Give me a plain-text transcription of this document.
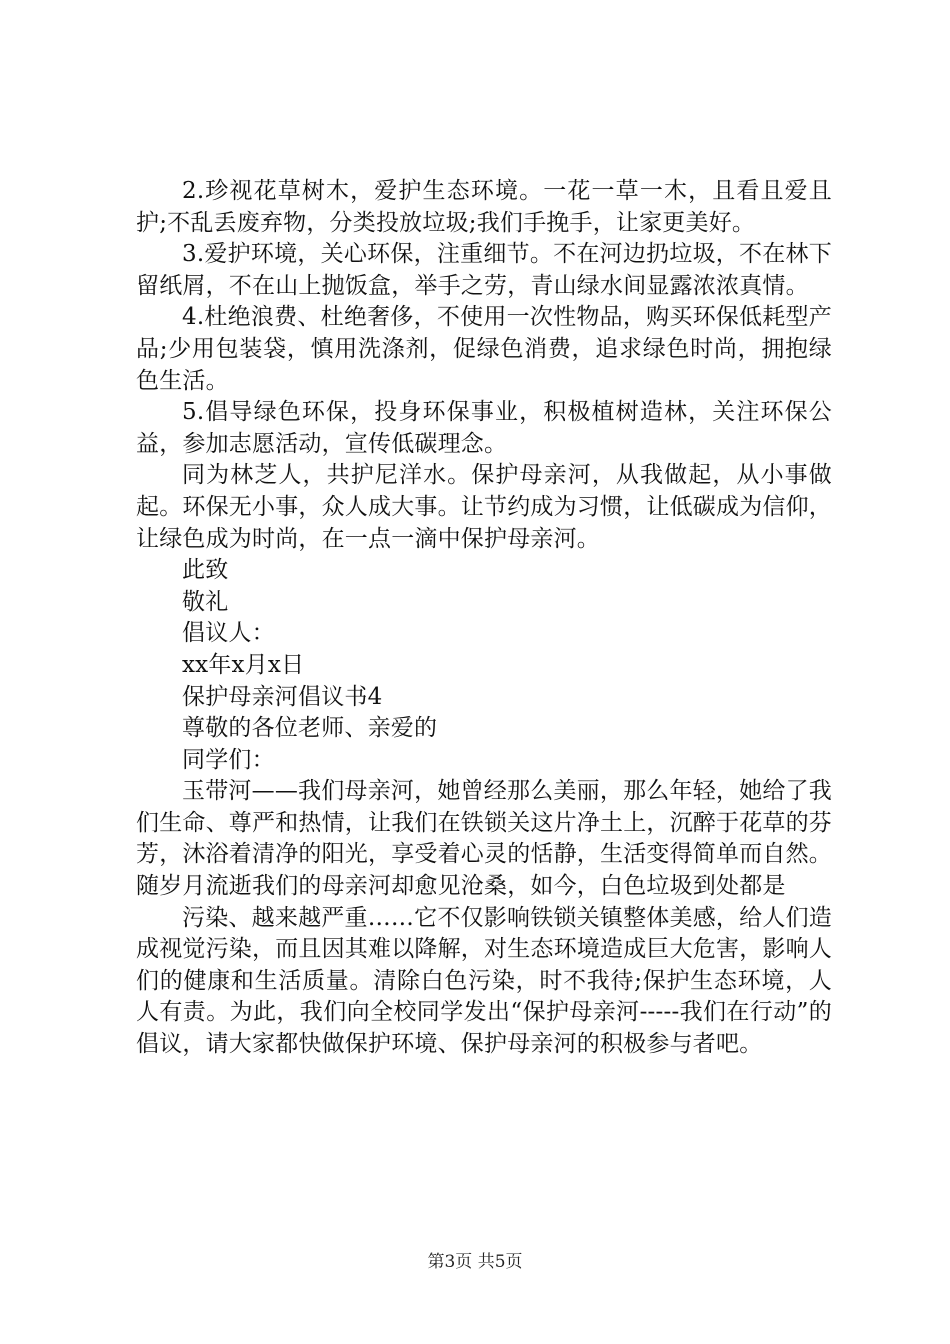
2.珍视花草树木，爱护生态环境。一花一草一木，且看且爱且护;不乱丢废弃物，分类投放垃圾;我们手挽手，让家更美好。

3.爱护环境，关心环保，注重细节。不在河边扔垃圾，不在林下留纸屑，不在山上抛饭盒，举手之劳，青山绿水间显露浓浓真情。

4.杜绝浪费、杜绝奢侈，不使用一次性物品，购买环保低耗型产品;少用包装袋，慎用洗涤剂，促绿色消费，追求绿色时尚，拥抱绿色生活。

5.倡导绿色环保，投身环保事业，积极植树造林，关注环保公益，参加志愿活动，宣传低碳理念。

同为林芝人，共护尼洋水。保护母亲河，从我做起，从小事做起。环保无小事，众人成大事。让节约成为习惯，让低碳成为信仰，让绿色成为时尚，在一点一滴中保护母亲河。

此致

敬礼

倡议人：

xx年x月x日

保护母亲河倡议书4

尊敬的各位老师、亲爱的

同学们：

玉带河——我们母亲河，她曾经那么美丽，那么年轻，她给了我们生命、尊严和热情，让我们在铁锁关这片净土上，沉醉于花草的芬芳，沐浴着清净的阳光，享受着心灵的恬静，生活变得简单而自然。随岁月流逝我们的母亲河却愈见沧桑，如今，白色垃圾到处都是

污染、越来越严重……它不仅影响铁锁关镇整体美感，给人们造成视觉污染，而且因其难以降解，对生态环境造成巨大危害，影响人们的健康和生活质量。清除白色污染，时不我待;保护生态环境，人人有责。为此，我们向全校同学发出“保护母亲河-----我们在行动”的倡议，请大家都快做保护环境、保护母亲河的积极参与者吧。

第3页 共5页
